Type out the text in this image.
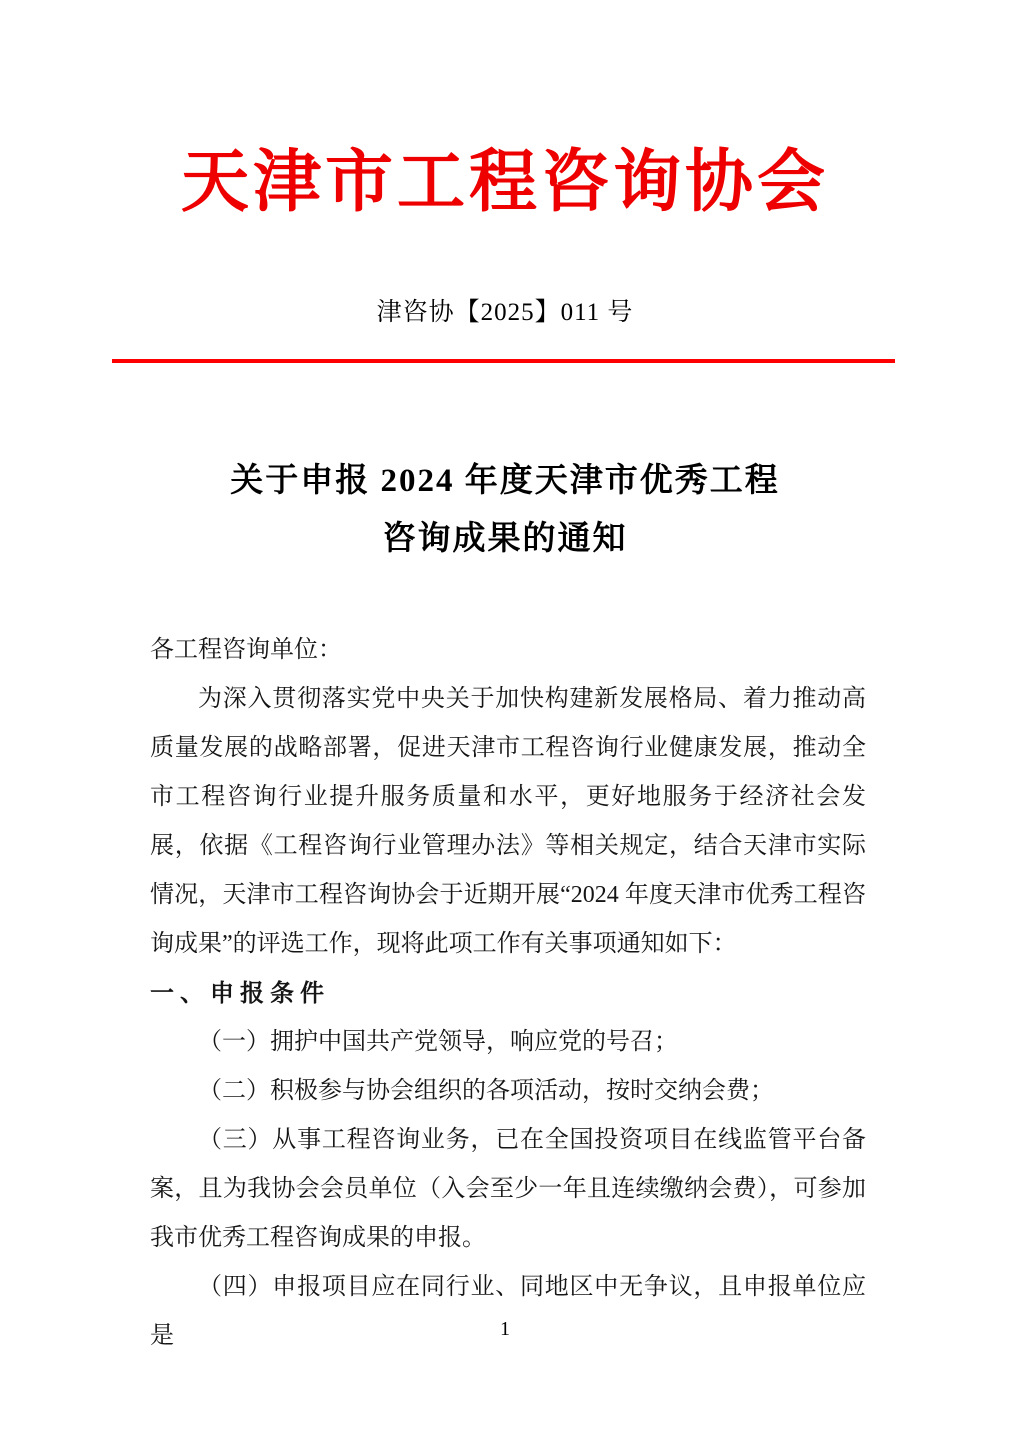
天津市工程咨询协会
津咨协【2025】011 号
关于申报 2024 年度天津市优秀工程
咨询成果的通知

各工程咨询单位：

为深入贯彻落实党中央关于加快构建新发展格局、着力推动高质量发展的战略部署，促进天津市工程咨询行业健康发展，推动全市工程咨询行业提升服务质量和水平，更好地服务于经济社会发展，依据《工程咨询行业管理办法》等相关规定，结合天津市实际情况，天津市工程咨询协会于近期开展“2024 年度天津市优秀工程咨询成果”的评选工作，现将此项工作有关事项通知如下：

一、申报条件

（一）拥护中国共产党领导，响应党的号召；

（二）积极参与协会组织的各项活动，按时交纳会费；

（三）从事工程咨询业务，已在全国投资项目在线监管平台备案，且为我协会会员单位（入会至少一年且连续缴纳会费），可参加我市优秀工程咨询成果的申报。

（四）申报项目应在同行业、同地区中无争议，且申报单位应是	1
